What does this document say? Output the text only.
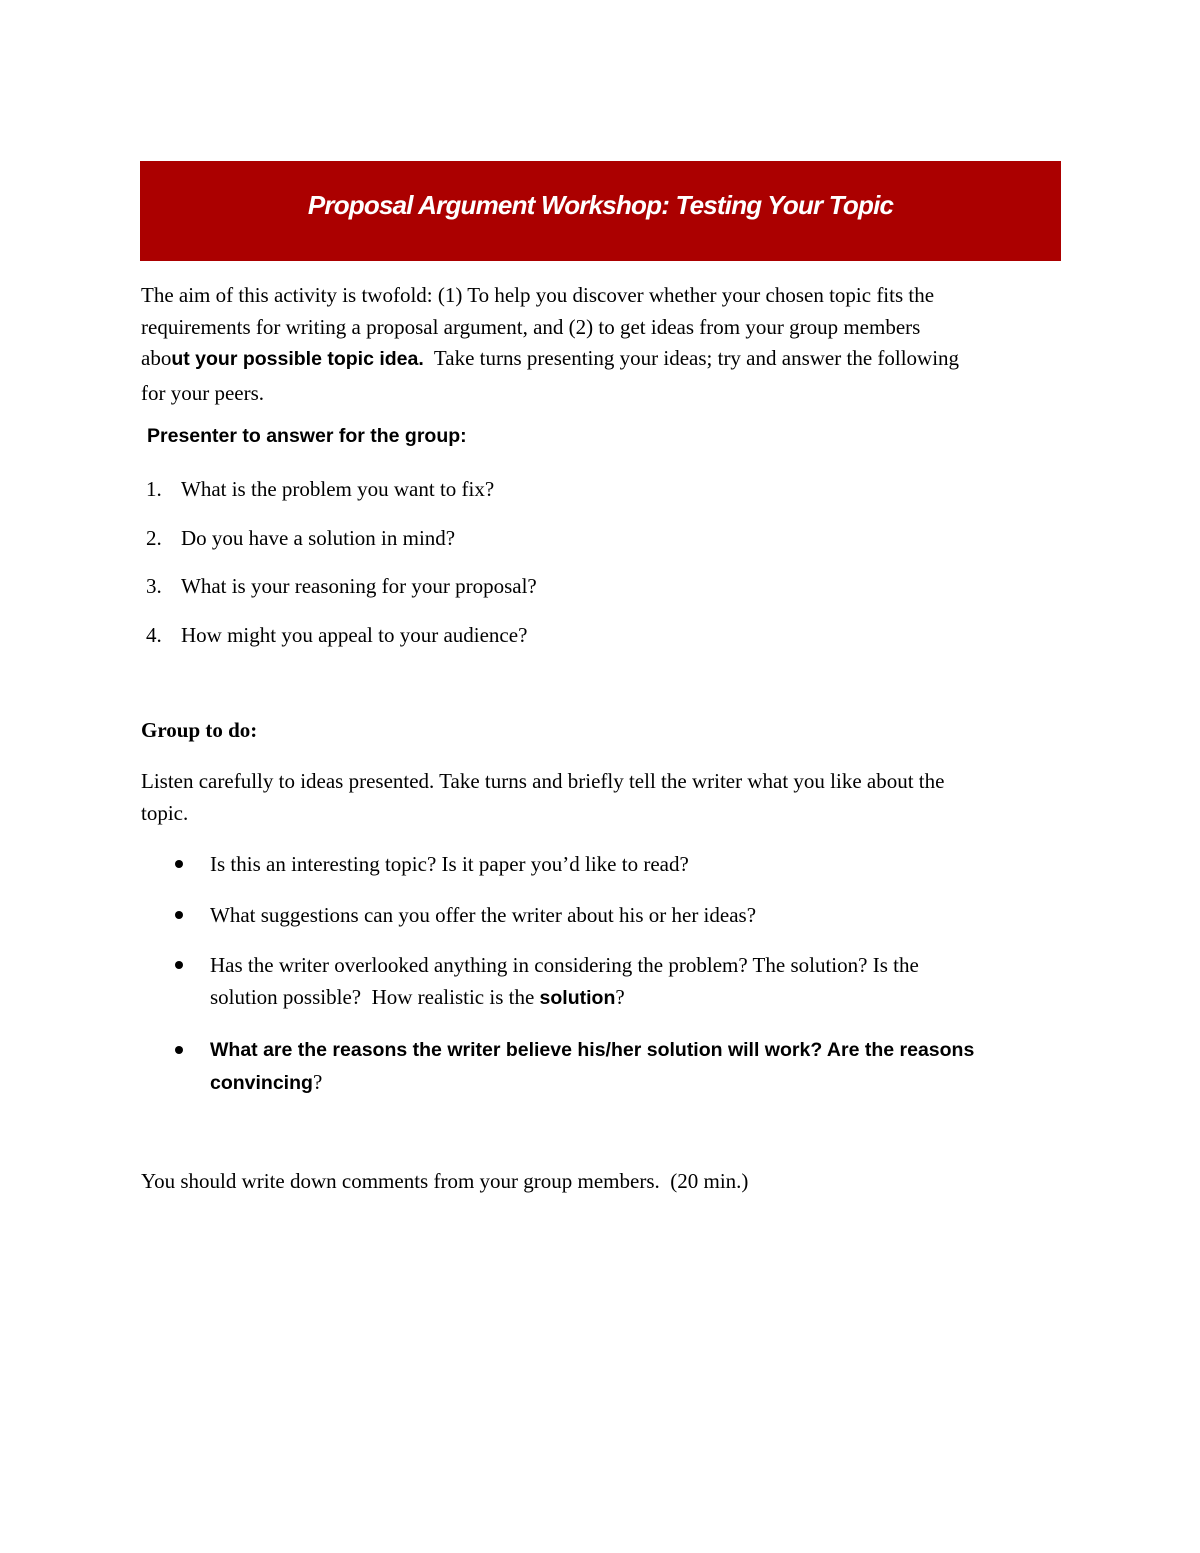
Proposal Argument Workshop: Testing Your Topic
The aim of this activity is twofold: (1) To help you discover whether your chosen topic fits the
requirements for writing a proposal argument, and (2) to get ideas from your group members
about your possible topic idea.  Take turns presenting your ideas; try and answer the following
for your peers.
Presenter to answer for the group:
1. What is the problem you want to fix?
2. Do you have a solution in mind?
3. What is your reasoning for your proposal?
4. How might you appeal to your audience?
Group to do:
Listen carefully to ideas presented. Take turns and briefly tell the writer what you like about the
topic.
Is this an interesting topic? Is it paper you’d like to read?
What suggestions can you offer the writer about his or her ideas?
Has the writer overlooked anything in considering the problem? The solution? Is the
solution possible?  How realistic is the solution?
What are the reasons the writer believe his/her solution will work? Are the reasons
convincing?
You should write down comments from your group members.  (20 min.)
